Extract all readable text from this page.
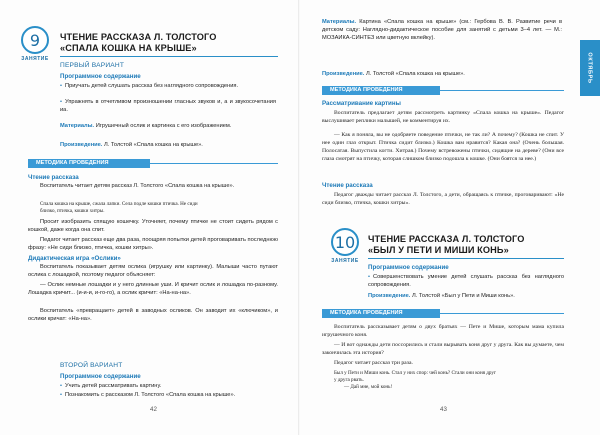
9
ЗАНЯТИЕ
ЧТЕНИЕ РАССКАЗА Л. ТОЛСТОГО
«СПАЛА КОШКА НА КРЫШЕ»
ПЕРВЫЙ ВАРИАНТ
Программное содержание
• Приучать детей слушать рассказ без наглядного сопровождения.
• Упражнять в отчетливом произношении гласных звуков и, а и звукосочетания иа.
Материалы. Игрушечный ослик и картинка с его изображением.
Произведение. Л. Толстой «Спала кошка на крыше».
МЕТОДИКА ПРОВЕДЕНИЯ
Чтение рассказа
Воспитатель читает детям рассказ Л. Толстого «Спала кошка на крыше».
Спала кошка на крыше, сжала лапки. Села подле кошки птичка. Не сиди
близко, птичка, кошки хитры.
Просит изобразить спящую кошечку. Уточняет, почему птичке не стоит сидеть рядом с кошкой, даже когда она спит.
Педагог читает рассказ еще два раза, поощряя попытки детей проговаривать последнюю фразу: «Не сиди близко, птичка, кошки хитры».
Дидактическая игра «Ослики»
Воспитатель показывает детям ослика (игрушку или картинку). Малыши часто путают ослика с лошадкой, поэтому педагог объясняет:
— Ослик немные лошадки и у него длинные уши. И кричит ослик и лошадка по-разному. Лошадка кричит... (и-и-и, и-го-го), а ослик кричит: «На-на-на».
Воспитатель «превращает» детей в заводных осликов. Он заводит их «ключиком», и ослики кричат: «На-на».
ВТОРОЙ ВАРИАНТ
Программное содержание
• Учить детей рассматривать картину.
• Познакомить с рассказом Л. Толстого «Спала кошка на крыше».
42
Материалы. Картина «Спала кошка на крыше» (см.: Гербова В. В. Развитие речи в детском саду: Наглядно-дидактическое пособие для занятий с детьми 3–4 лет. — М.: МОЗАИКА-СИНТЕЗ или цветную вклейку).
Произведение. Л. Толстой «Спала кошка на крыше».
МЕТОДИКА ПРОВЕДЕНИЯ
Рассматривание картины
Воспитатель предлагает детям рассмотреть картинку «Спала кошка на крыше». Педагог выслушивает реплики малышей, не комментируя их.
— Как я поняла, вы не одобряете поведение птички, не так ли? А почему? (Кошка не спит. У нее один глаз открыт. Птичка сидит близко.) Кошка вам нравится? Какая она? (Очень большая. Полосатая. Выпустила когти. Хитрая.) Почему встревожены птички, сидящие на дереве? (Они все глаза смотрят на птичку, которая слишком близко подошла к кошке. (Они боятся за нее.)
Чтение рассказа
Педагог дважды читает рассказ Л. Толстого, а дети, обращаясь к птичке, проговаривают: «Не сиди близко, птичка, кошки хитры».
10
ЗАНЯТИЕ
ЧТЕНИЕ РАССКАЗА Л. ТОЛСТОГО
«БЫЛ У ПЕТИ И МИШИ КОНЬ»
Программное содержание
• Совершенствовать умение детей слушать рассказ без наглядного сопровождения.
Произведение. Л. Толстой «Был у Пети и Миши конь».
МЕТОДИКА ПРОВЕДЕНИЯ
Воспитатель рассказывает детям о двух братьях — Пете и Мише, которым мама купила игрушечного коня.
— И вот однажды дети поссорились и стали вырывать коня друг у друга. Как вы думаете, чем закончилась эта история?
Педагог читает рассказ три раза.
Был у Пети и Миши конь. Стал у них спор: чей конь? Стали они коня друг
у друга рвать.
— Дай мне, мой конь!
ОКТЯБРЬ
43
